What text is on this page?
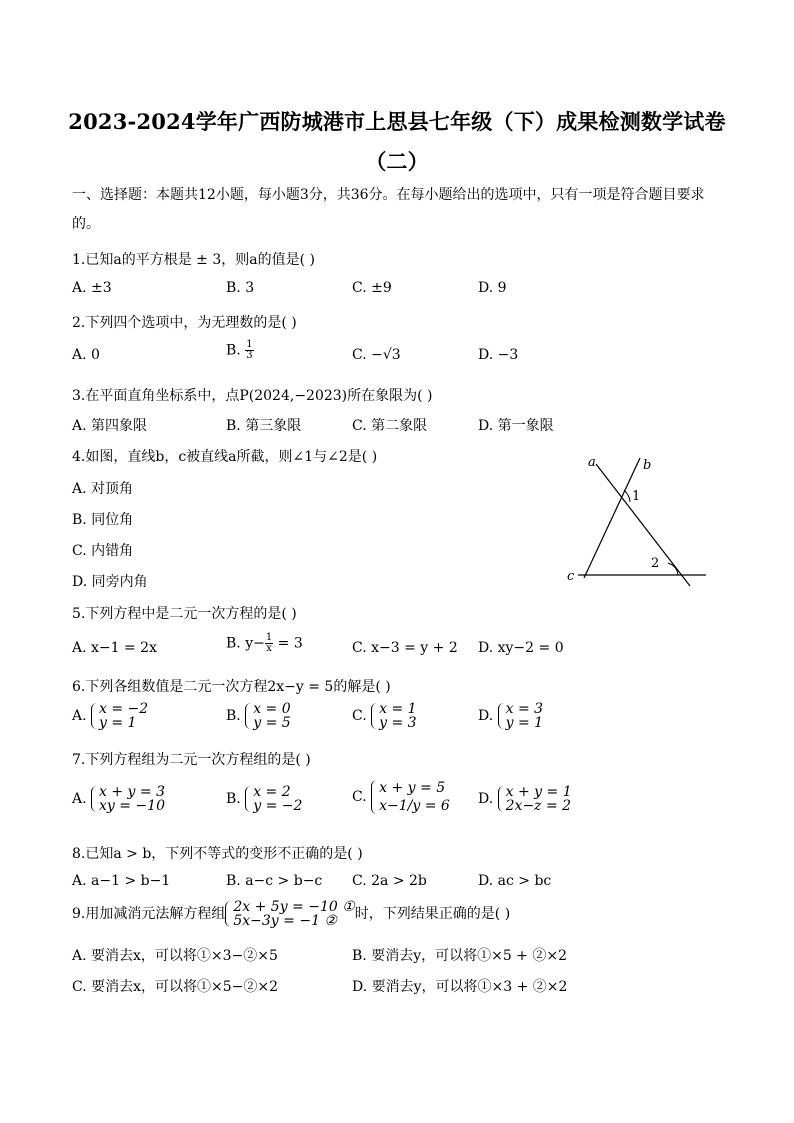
2023-2024学年广西防城港市上思县七年级（下）成果检测数学试卷
（二）
一、选择题：本题共12小题，每小题3分，共36分。在每小题给出的选项中，只有一项是符合题目要求的。
1.已知a的平方根是 ± 3，则a的值是( )
A. ±3	B. 3	C. ±9	D. 9
2.下列四个选项中，为无理数的是( )
A. 0	B. $\frac{1}{3}$	C. −√3	D. −3
3.在平面直角坐标系中，点P(2024,−2023)所在象限为( )
A. 第四象限	B. 第三象限	C. 第二象限	D. 第一象限
4.如图，直线b，c被直线a所截，则∠1与∠2是( )
A. 对顶角
B. 同位角
C. 内错角
D. 同旁内角
a	b
c
1
2
5.下列方程中是二元一次方程的是( )
A. x−1 = 2x	B. $y- \frac{1}{x} = 3$	C. x−3 = y + 2 D. xy−2 = 0
6.下列各组数值是二元一次方程2x−y = 5的解是( )
A. x = −2
y = 1	B. x = 0
y = 5	C. x = 1
y = 3	D. x = 3
y = 1
7.下列方程组为二元一次方程组的是( )
A. x + y = 3
xy = −10	B. x = 2
y = −2
C.
x + y = 5
x−1/y = 6 D. x + y = 1
2x−z = 2
8.已知a > b，下列不等式的变形不正确的是( )
A. a−1 > b−1	B. a−c > b−c C. 2a > 2b	D. ac > bc
9.用加减消元法解方程组 2x + 5y = −10 ①
5x−3y = −1 ②	时，下列结果正确的是( )
A. 要消去x，可以将①×3−②×5	B. 要消去y，可以将①×5 + ②×2
C. 要消去x，可以将①×5−②×2	D. 要消去y，可以将①×3 + ②×2
